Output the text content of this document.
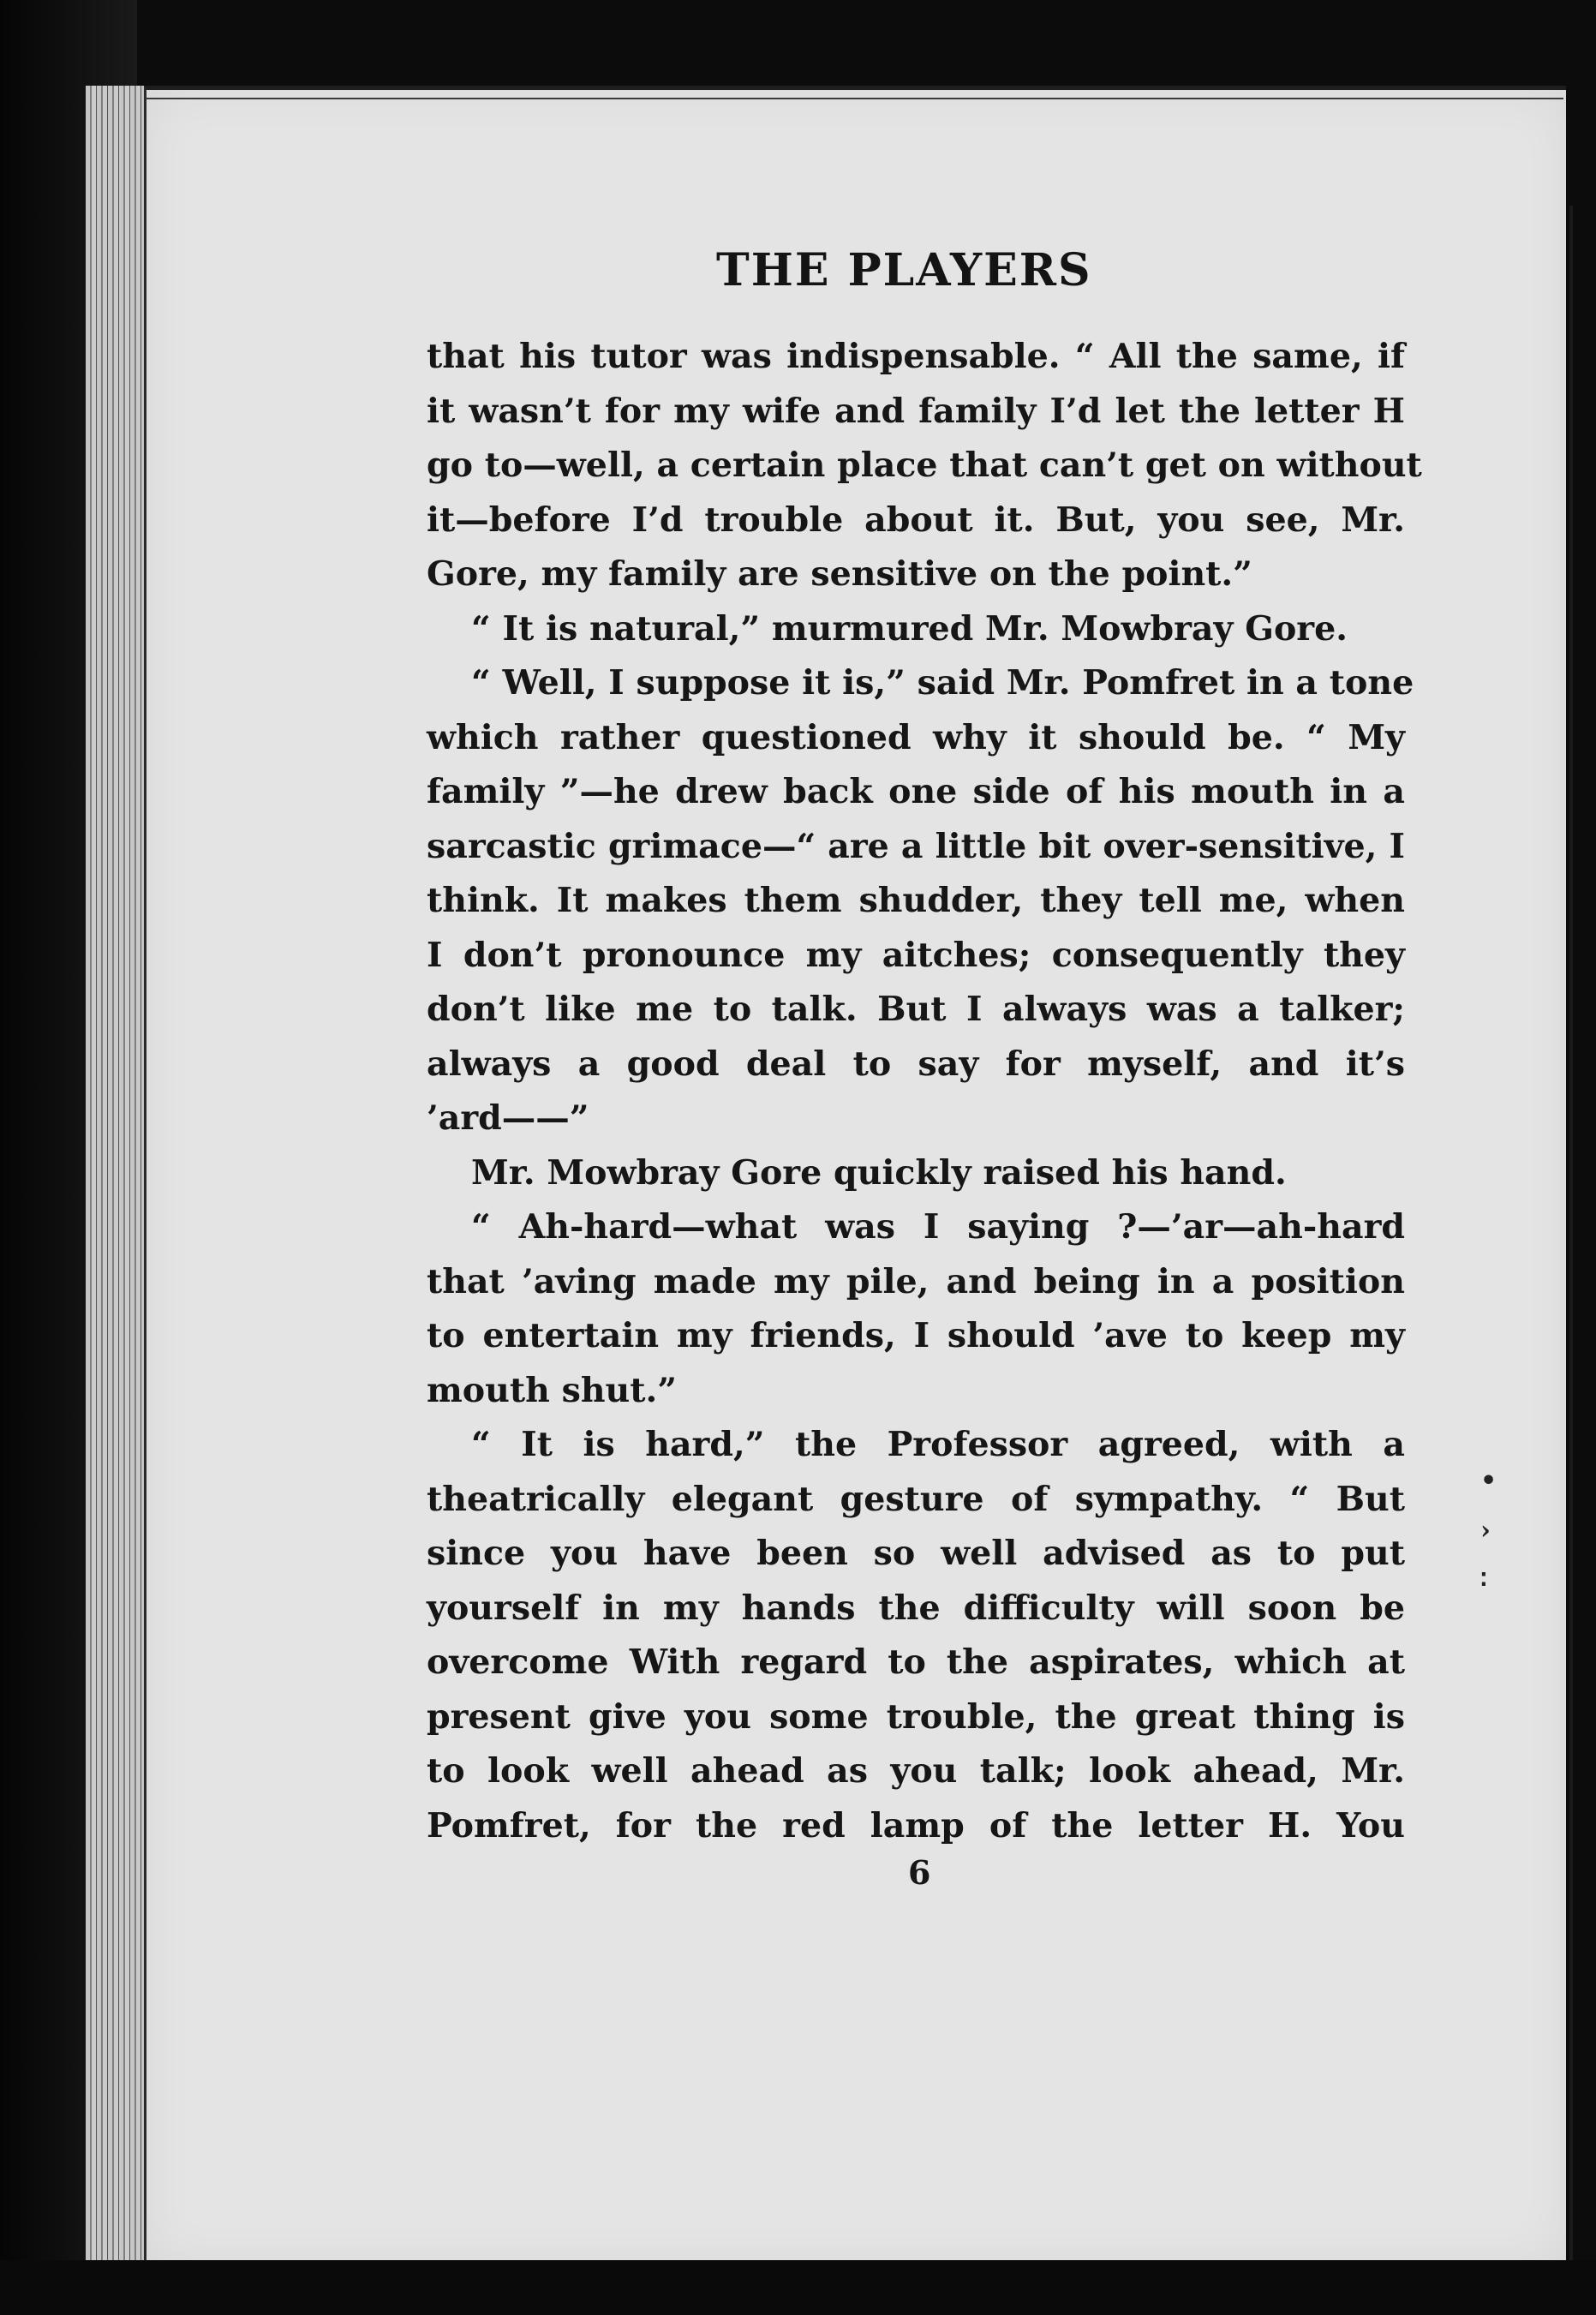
THE PLAYERS
that his tutor was indispensable. “ All the same, if
it wasn’t for my wife and family I’d let the letter H
go to—well, a certain place that can’t get on without
it—before I’d trouble about it. But, you see, Mr.
Gore, my family are sensitive on the point.”
“ It is natural,” murmured Mr. Mowbray Gore.
“ Well, I suppose it is,” said Mr. Pomfret in a tone
which rather questioned why it should be. “ My
family ”—he drew back one side of his mouth in a
sarcastic grimace—“ are a little bit over-sensitive, I
think. It makes them shudder, they tell me, when
I don’t pronounce my aitches; consequently they
don’t like me to talk. But I always was a talker;
always a good deal to say for myself, and it’s
’ard——”
Mr. Mowbray Gore quickly raised his hand.
“ Ah-hard—what was I saying ?—’ar—ah-hard
that ’aving made my pile, and being in a position
to entertain my friends, I should ’ave to keep my
mouth shut.”
“ It is hard,” the Professor agreed, with a
theatrically elegant gesture of sympathy. “ But
since you have been so well advised as to put
yourself in my hands the difficulty will soon be
overcome With regard to the aspirates, which at
present give you some trouble, the great thing is
to look well ahead as you talk; look ahead, Mr.
Pomfret, for the red lamp of the letter H. You
6
•
›
∶
